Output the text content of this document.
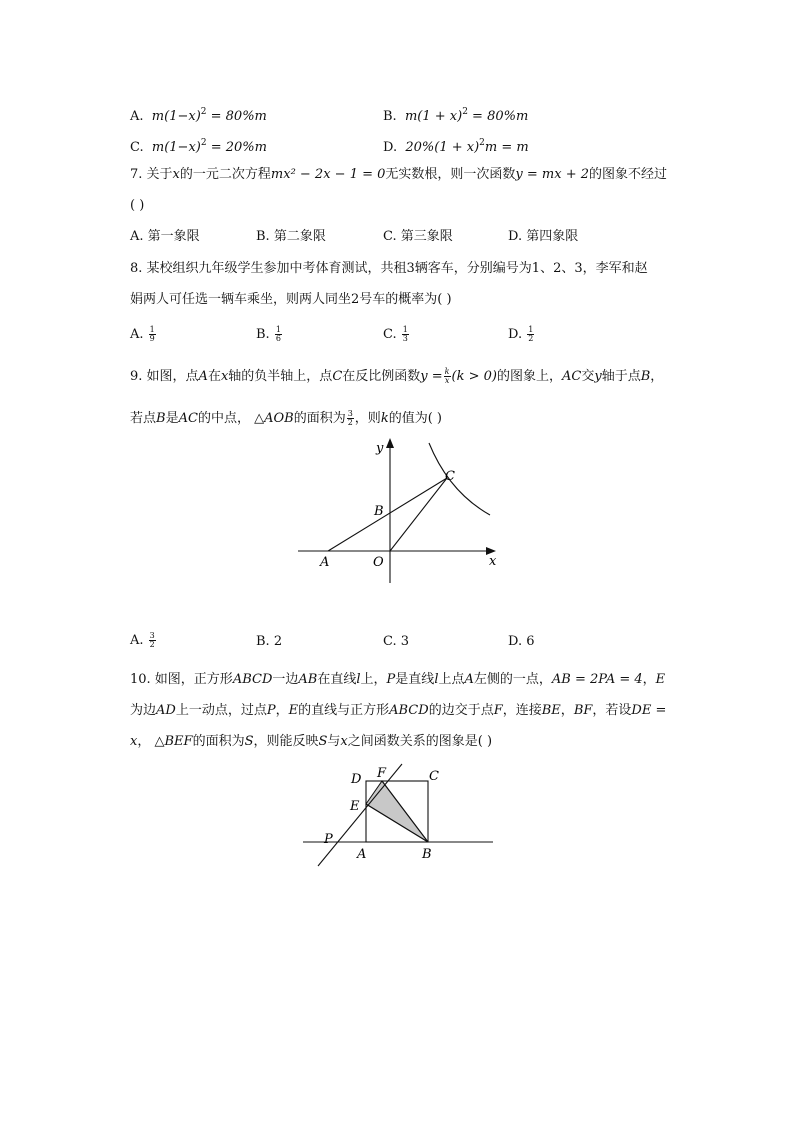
A. $m(1-x)^2 = 80\%m$	B. $m(1 + x)^2 = 80\%m$
C. $m(1-x)^2 = 20\%m$	D. $20\%(1 + x)^2m = m$
7. 关于x的一元二次方程mx² − 2x − 1 = 0无实数根，则一次函数y = mx + 2的图象不经过
( )
A. 第一象限	B. 第二象限	C. 第三象限	D. 第四象限
8. 某校组织九年级学生参加中考体育测试，共租3辆客车，分别编号为1、2、3，李军和赵
娟两人可任选一辆车乘坐，则两人同坐2号车的概率为( )
A. $\frac{1}{9}$	B. $\frac{1}{6}$	C. $\frac{1}{3}$	D. $\frac{1}{2}$
9. 如图，点A在x轴的负半轴上，点C在反比例函数$y = \frac{k}{x} (k > 0)$的图象上，AC交y轴于点B，
若点B是AC的中点， △AOB的面积为 $\frac{3}{2}$ ，则k的值为( )
y
x
C
B
A	O
A. $\frac{3}{2}$	B. 2	C. 3	D. 6
10. 如图，正方形ABCD一边AB在直线l上，P是直线l上点A左侧的一点，AB = 2PA = 4，E
为边AD上一动点，过点P，E的直线与正方形ABCD的边交于点F，连接BE，BF，若设DE =
x， △BEF的面积为S，则能反映S与x之间函数关系的图象是( )
D F	C
E
P
A	B
